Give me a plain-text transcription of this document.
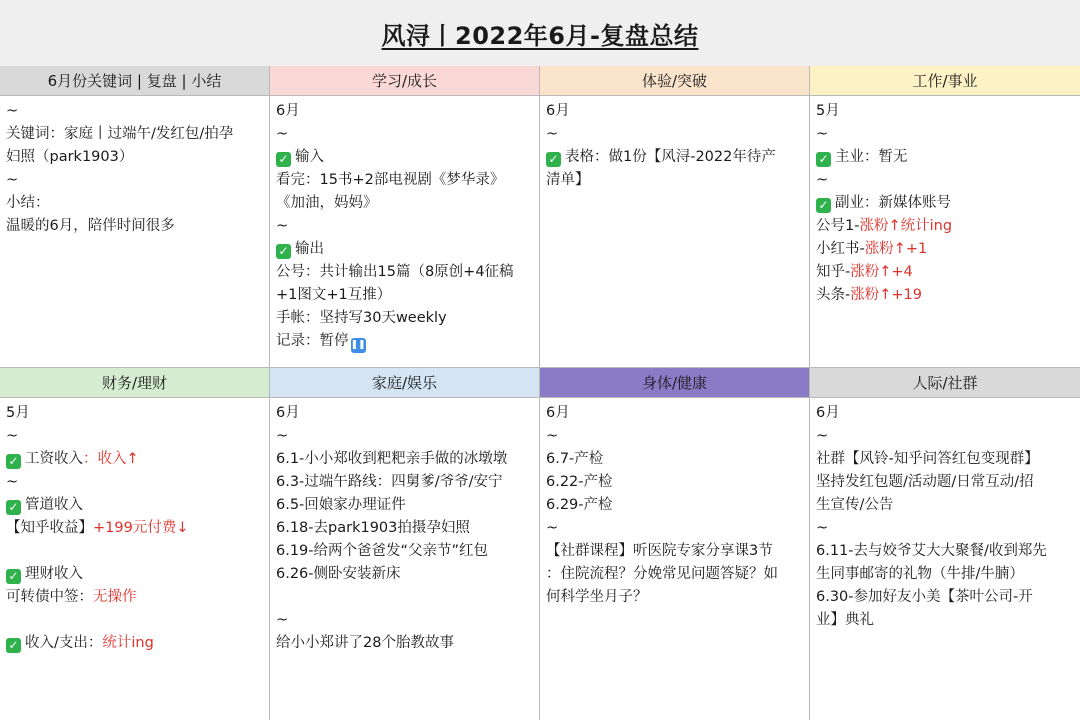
风浔丨2022年6月-复盘总结
6月份关键词 | 复盘 | 小结	学习/成长	体验/突破	工作/事业
~
关键词：家庭丨过端午/发红包/拍孕
妇照（park1903）
~
小结：
温暖的6月，陪伴时间很多
6月
~
✓ 输入
看完：15书+2部电视剧《梦华录》
《加油，妈妈》
~
✓ 输出
公号：共计输出15篇（8原创+4征稿
+1图文+1互推）
手帐：坚持写30天weekly
记录：暂停 ❚❚
6月
~
✓ 表格：做1份【风浔-2022年待产
清单】
5月
~
✓ 主业：暂无
~
✓ 副业：新媒体账号
公号1-涨粉↑统计ing
小红书-涨粉↑+1
知乎-涨粉↑+4
头条-涨粉↑+19
财务/理财	家庭/娱乐	身体/健康	人际/社群
5月
~
✓ 工资收入：收入↑
~
✓ 管道收入
【知乎收益】+199元付费↓
✓ 理财收入
可转债中签：无操作
✓ 收入/支出：统计ing
6月
~
6.1-小小郑收到粑粑亲手做的冰墩墩
6.3-过端午路线：四舅爹/爷爷/安宁
6.5-回娘家办理证件
6.18-去park1903拍摄孕妇照
6.19-给两个爸爸发“父亲节”红包
6.26-侧卧安装新床
~
给小小郑讲了28个胎教故事
6月
~
6.7-产检
6.22-产检
6.29-产检
~
【社群课程】听医院专家分享课3节
：住院流程？分娩常见问题答疑？如
何科学坐月子？
6月
~
社群【风铃-知乎问答红包变现群】
坚持发红包题/活动题/日常互动/招
生宣传/公告
~
6.11-去与姣爷艾大大聚餐/收到郑先
生同事邮寄的礼物（牛排/牛腩）
6.30-参加好友小美【茶叶公司-开
业】典礼
